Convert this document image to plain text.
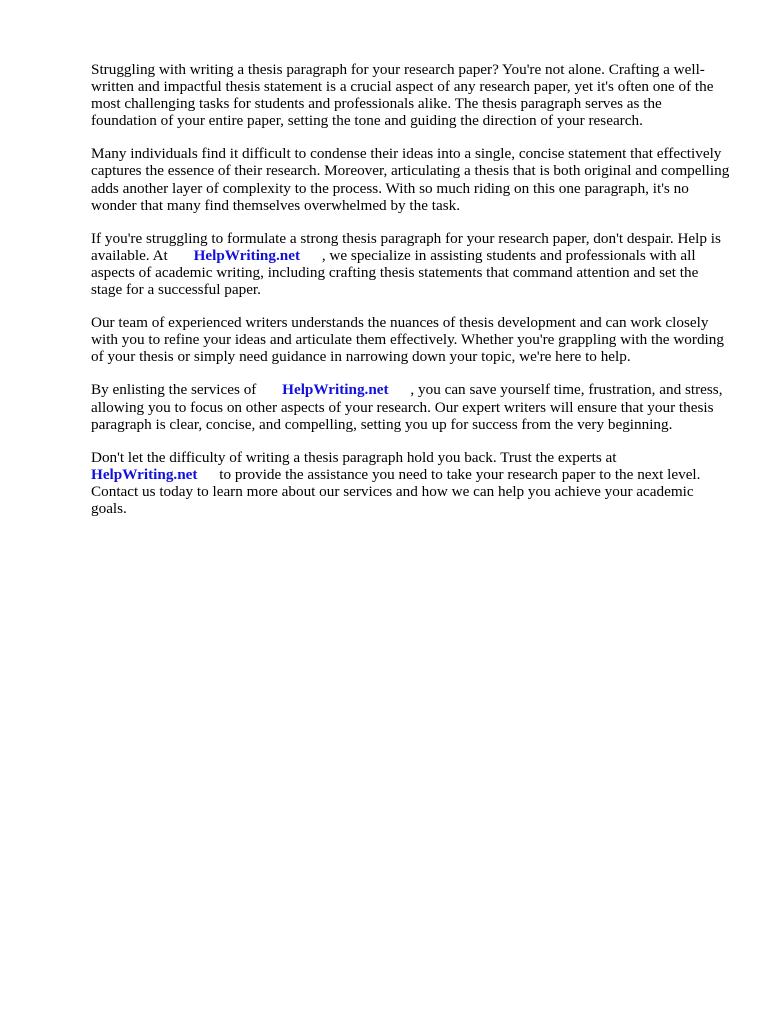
Struggling with writing a thesis paragraph for your research paper? You're not alone. Crafting a well-written and impactful thesis statement is a crucial aspect of any research paper, yet it's often one of the most challenging tasks for students and professionals alike. The thesis paragraph serves as the foundation of your entire paper, setting the tone and guiding the direction of your research.

Many individuals find it difficult to condense their ideas into a single, concise statement that effectively captures the essence of their research. Moreover, articulating a thesis that is both original and compelling adds another layer of complexity to the process. With so much riding on this one paragraph, it's no wonder that many find themselves overwhelmed by the task.

If you're struggling to formulate a strong thesis paragraph for your research paper, don't despair. Help is available. At HelpWriting.net , we specialize in assisting students and professionals with all aspects of academic writing, including crafting thesis statements that command attention and set the stage for a successful paper.

Our team of experienced writers understands the nuances of thesis development and can work closely with you to refine your ideas and articulate them effectively. Whether you're grappling with the wording of your thesis or simply need guidance in narrowing down your topic, we're here to help.

By enlisting the services of HelpWriting.net , you can save yourself time, frustration, and stress, allowing you to focus on other aspects of your research. Our expert writers will ensure that your thesis paragraph is clear, concise, and compelling, setting you up for success from the very beginning.

Don't let the difficulty of writing a thesis paragraph hold you back. Trust the experts at HelpWriting.net to provide the assistance you need to take your research paper to the next level. Contact us today to learn more about our services and how we can help you achieve your academic goals.
